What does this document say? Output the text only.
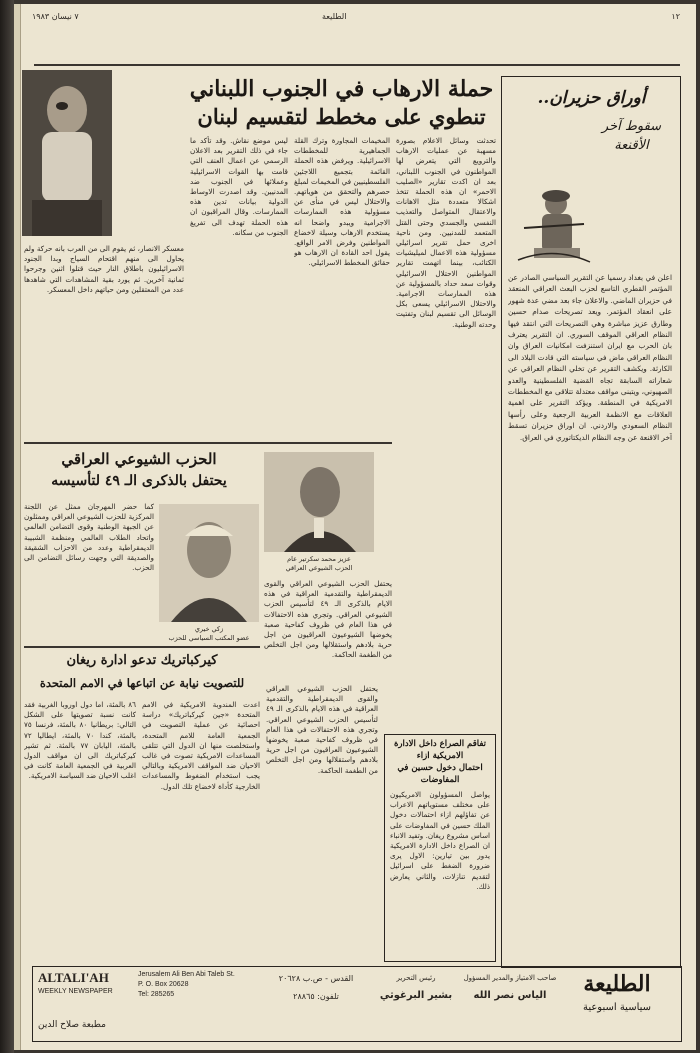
٧ نيسان ١٩٨٣	الطليعة	١٢
أوراق حزيران..
سقوط آخر
الأقنعة
اعلن في بغداد رسميا عن التقرير السياسي الصادر عن المؤتمر القطري التاسع لحزب البعث العراقي المنعقد في حزيران الماضي. والاعلان جاء بعد مضي عدة شهور على انعقاد المؤتمر. ويعد تصريحات صدام حسين وطارق عزيز مباشرة وهي التصريحات التي انتقد فيها النظام العراقي الموقف السوري. ان التقرير يعترف بان الحرب مع ايران استنزفت امكانيات العراق وان النظام العراقي ماض في سياسته التي قادت البلاد الى الكارثة. ويكشف التقرير عن تخلي النظام العراقي عن شعاراته السابقة تجاه القضية الفلسطينية والعدو الصهيوني، ويتبنى مواقف معتدلة تتلاقى مع المخططات الامريكية في المنطقة. ويؤكد التقرير على اهمية العلاقات مع الانظمة العربية الرجعية وعلى رأسها النظام السعودي والاردني. ان اوراق حزيران تسقط آخر الاقنعة عن وجه النظام الديكتاتوري في العراق.
حملة الارهاب في الجنوب اللبناني
تنطوي على مخطط لتقسيم لبنان
تحدثت وسائل الاعلام بصورة مسهبة عن عمليات الارهاب والترويع التي يتعرض لها المواطنون في الجنوب اللبناني، بعد ان اكدت تقارير «الصليب الاحمر» ان هذه الحملة تتخذ اشكالا متعددة مثل الاهانات والاعتقال المتواصل والتعذيب النفسي والجسدي وحتى القتل المتعمد للمدنيين. ومن ناحية اخرى حمل تقرير اسرائيلي مسؤولية هذه الاعمال لميليشيات الكتائب، بينما اتهمت تقارير المواطنين الاحتلال الاسرائيلي وقوات سعد حداد بالمسؤولية عن هذه الممارسات الاجرامية. والاحتلال الاسرائيلي يسعى بكل الوسائل الى تقسيم لبنان وتفتيت وحدته الوطنية.
المخيمات المجاورة وترك القلة الجماهيرية للمخططات الاسرائيلية. ويرفض هذه الحملة القائمة بتجميع اللاجئين الفلسطينيين في المخيمات لمبلغ حصرهم والتحقق من هوياتهم. والاحتلال ليس في منأى عن مسؤولية هذه الممارسات الاجرامية ويبدو واضحا انه يستخدم الارهاب وسيلة لاخضاع المواطنين وفرض الامر الواقع. يقول احد القادة ان الارهاب هو حقائق المخطط الاسرائيلي.
ليس موضع نقاش. وقد تأكد ما جاء في ذلك التقرير بعد الاعلان الرسمي عن اعمال العنف التي قامت بها القوات الاسرائيلية وعملائها في الجنوب ضد المدنيين. وقد اصدرت الاوساط الدولية بيانات تدين هذه الممارسات. وقال المراقبون ان هذه الحملة تهدف الى تفريغ الجنوب من سكانه.
معسكر الانصار، ثم يقوم الى من العرب بانه حركة ولم يحاول الى منهم اقتحام السياج وبدا الجنود الاسرائيليون باطلاق النار حيث قتلوا اثنين وجرحوا ثمانية آخرين. ثم يورد بقية المشاهدات التي شاهدها عدد من المعتقلين ومن حياتهم داخل المعسكر.
الحزب الشيوعي العراقي
يحتفل بالذكرى الـ ٤٩ لتأسيسه
عزيز محمد سكرتير عام
الحزب الشيوعي العراقي
زكي خيري
عضو المكتب السياسي للحزب
يحتفل الحزب الشيوعي العراقي والقوى الديمقراطية والتقدمية العراقية في هذه الايام بالذكرى الـ ٤٩ لتأسيس الحزب الشيوعي العراقي. وتجري هذه الاحتفالات في هذا العام في ظروف كفاحية صعبة يخوضها الشيوعيون العراقيون من اجل حرية بلادهم واستقلالها ومن اجل التخلص من الطغمة الحاكمة.
كما حضر المهرجان ممثل عن اللجنة المركزية للحزب الشيوعي العراقي وممثلون عن الجبهة الوطنية وقوى التضامن العالمي واتحاد الطلاب العالمي ومنظمة الشبيبة الديمقراطية وعدد من الاحزاب الشقيقة والصديقة التي وجهت رسائل التضامن الى الحزب.
كيركباتريك تدعو ادارة ريغان
للتصويت نيابة عن اتباعها في الامم المتحدة
اعدت المندوبة الامريكية في الامم المتحدة «جين كيركباتريك» دراسة احصائية عن عملية التصويت في الجمعية العامة للامم المتحدة، واستخلصت منها ان الدول التي تتلقى المساعدات الامريكية تصوت في غالب الاحيان ضد المواقف الامريكية وبالتالي يجب استخدام الضغوط والمساعدات الخارجية كأداة لاخضاع تلك الدول.
٨٦ بالمئة، اما دول اوروبا الغربية فقد كانت نسبة تصويتها على الشكل التالي: بريطانيا ٨٠ بالمئة، فرنسا ٧٥ بالمئة، كندا ٧٠ بالمئة، ايطاليا ٧٢ بالمئة، اليابان ٧٧ بالمئة. ثم تشير كيركباتريك الى ان مواقف الدول العربية في الجمعية العامة كانت في اغلب الاحيان ضد السياسة الامريكية.
تفاقم الصراع داخل الادارة الامريكية ازاء
احتمال دخول حسين في المفاوضات
يواصل المسؤولون الامريكيون على مختلف مستوياتهم الاعراب عن تفاؤلهم ازاء احتمالات دخول الملك حسين في المفاوضات على اساس مشروع ريغان. وتفيد الانباء ان الصراع داخل الادارة الامريكية يدور بين تيارين: الاول يرى ضرورة الضغط على اسرائيل لتقديم تنازلات، والثاني يعارض ذلك.
يحتفل الحزب الشيوعي العراقي والقوى الديمقراطية والتقدمية العراقية في هذه الايام بالذكرى الـ ٤٩ لتأسيس الحزب الشيوعي العراقي. وتجري هذه الاحتفالات في هذا العام في ظروف كفاحية صعبة يخوضها الشيوعيون العراقيون من اجل حرية بلادهم واستقلالها ومن اجل التخلص من الطغمة الحاكمة.
الطليعة
سياسية اسبوعية
صاحب الامتياز والمدير المسؤول
الياس نصر الله
رئيس التحرير
بشير البرغوثي
القدس - ص.ب ٢٠٦٢٨
تلفون: ٢٨٨٦٥
Jerusalem Ali Ben Abi Taleb St.
P. O. Box 20628
Tel: 285265
ALTALI'AH
WEEKLY NEWSPAPER
مطبعة صلاح الدين
